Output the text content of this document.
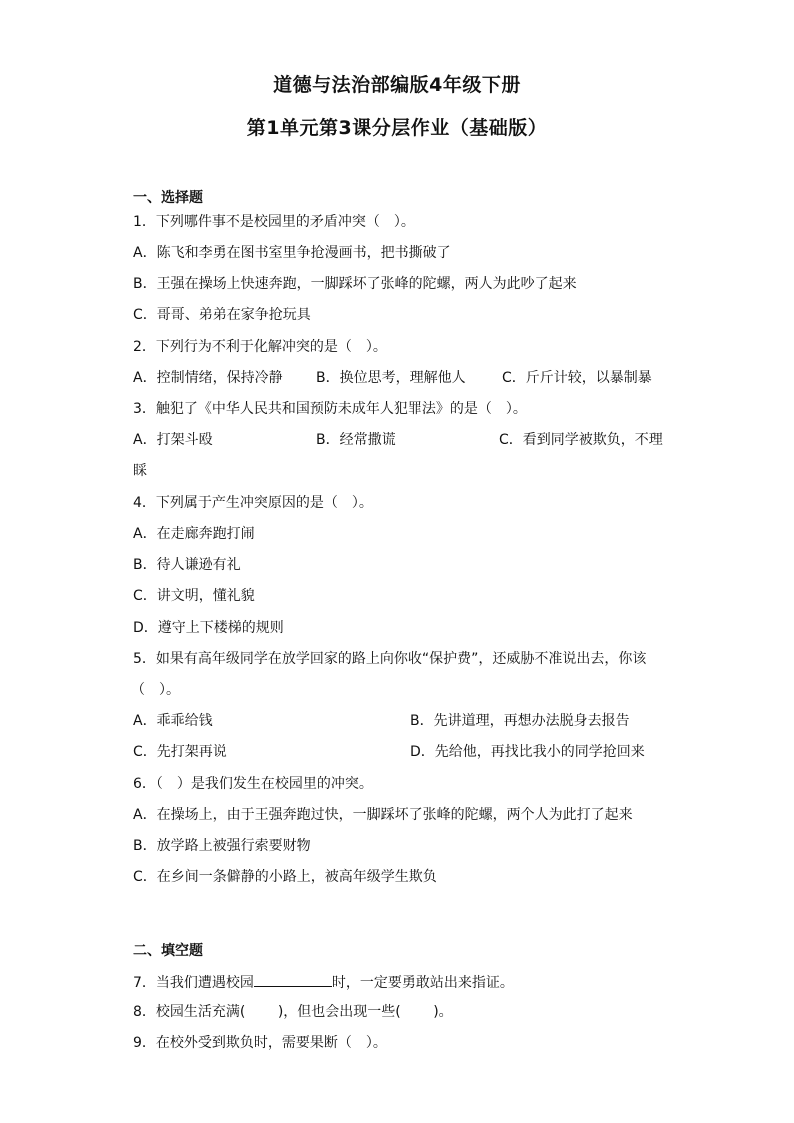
道德与法治部编版4年级下册
第1单元第3课分层作业（基础版）
一、选择题
1．下列哪件事不是校园里的矛盾冲突（　）。
A．陈飞和李勇在图书室里争抢漫画书，把书撕破了
B．王强在操场上快速奔跑，一脚踩坏了张峰的陀螺，两人为此吵了起来
C．哥哥、弟弟在家争抢玩具
2．下列行为不利于化解冲突的是（　）。
A．控制情绪，保持冷静 B．换位思考，理解他人	C．斤斤计较，以暴制暴
3．触犯了《中华人民共和国预防未成年人犯罪法》的是（　）。
A．打架斗殴	B．经常撒谎	C．看到同学被欺负，不理
睬
4．下列属于产生冲突原因的是（　）。
A．在走廊奔跑打闹
B．待人谦逊有礼
C．讲文明，懂礼貌
D．遵守上下楼梯的规则
5．如果有高年级同学在放学回家的路上向你收“保护费”，还威胁不准说出去，你该
（　）。
A．乖乖给钱	B．先讲道理，再想办法脱身去报告
C．先打架再说	D．先给他，再找比我小的同学抢回来
6．（　）是我们发生在校园里的冲突。
A．在操场上，由于王强奔跑过快，一脚踩坏了张峰的陀螺，两个人为此打了起来
B．放学路上被强行索要财物
C．在乡间一条僻静的小路上，被高年级学生欺负
二、填空题
7．当我们遭遇校园	时，一定要勇敢站出来指证。
8．校园生活充满(　　 )，但也会出现一些(　　 )。
9．在校外受到欺负时，需要果断（　）。
